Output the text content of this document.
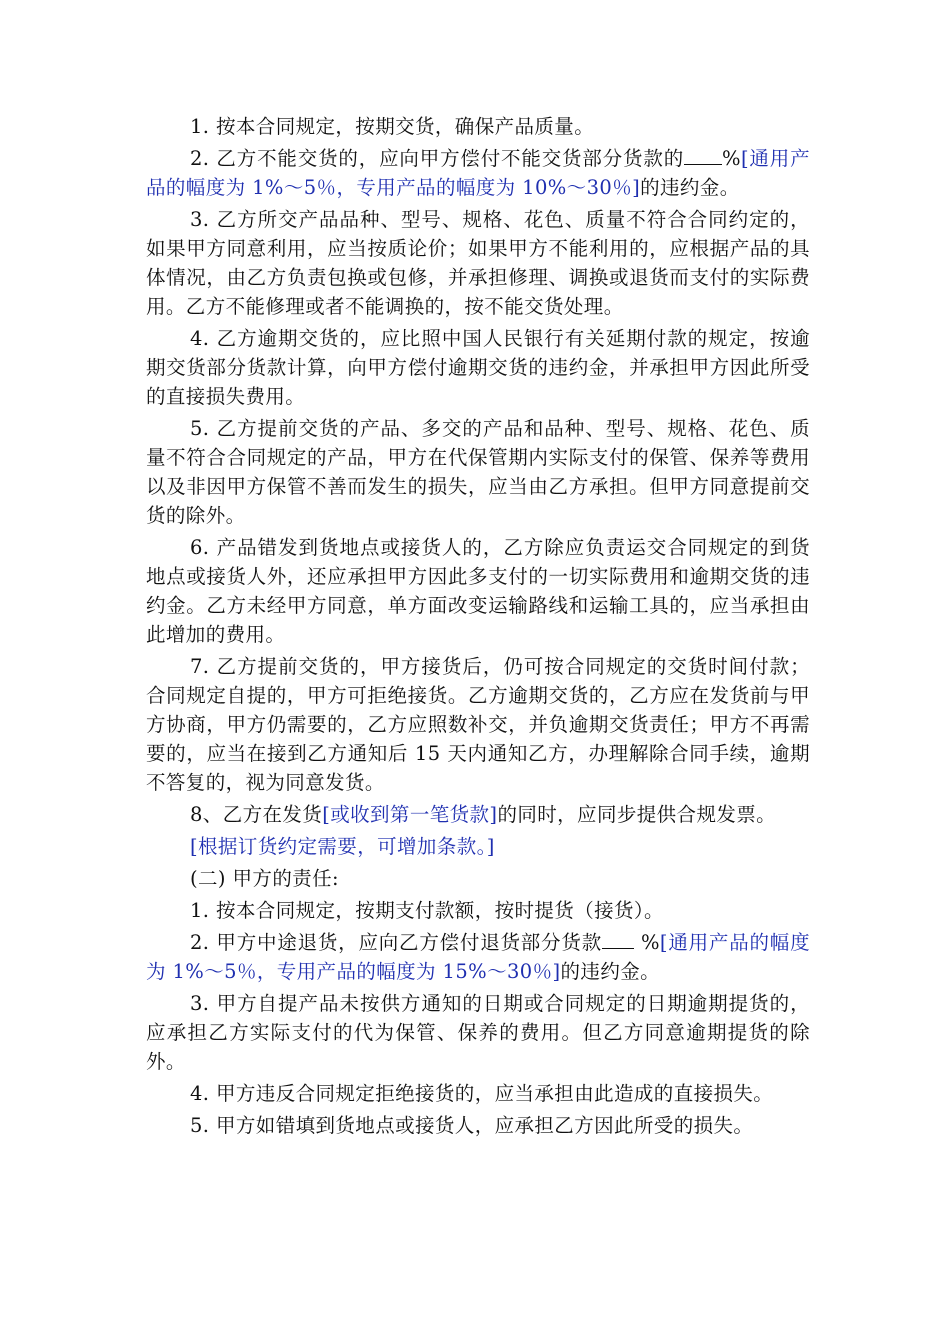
1. 按本合同规定，按期交货，确保产品质量。

2. 乙方不能交货的，应向甲方偿付不能交货部分货款的 %[通用产品的幅度为 1%～5％，专用产品的幅度为 10%～30％]的违约金。

3. 乙方所交产品品种、型号、规格、花色、质量不符合合同约定的，如果甲方同意利用，应当按质论价；如果甲方不能利用的，应根据产品的具体情况，由乙方负责包换或包修，并承担修理、调换或退货而支付的实际费用。乙方不能修理或者不能调换的，按不能交货处理。

4. 乙方逾期交货的，应比照中国人民银行有关延期付款的规定，按逾期交货部分货款计算，向甲方偿付逾期交货的违约金，并承担甲方因此所受的直接损失费用。

5. 乙方提前交货的产品、多交的产品和品种、型号、规格、花色、质量不符合合同规定的产品，甲方在代保管期内实际支付的保管、保养等费用以及非因甲方保管不善而发生的损失，应当由乙方承担。但甲方同意提前交货的除外。

6. 产品错发到货地点或接货人的，乙方除应负责运交合同规定的到货地点或接货人外，还应承担甲方因此多支付的一切实际费用和逾期交货的违约金。乙方未经甲方同意，单方面改变运输路线和运输工具的，应当承担由此增加的费用。

7. 乙方提前交货的，甲方接货后，仍可按合同规定的交货时间付款；合同规定自提的，甲方可拒绝接货。乙方逾期交货的，乙方应在发货前与甲方协商，甲方仍需要的，乙方应照数补交，并负逾期交货责任；甲方不再需要的，应当在接到乙方通知后 15 天内通知乙方，办理解除合同手续，逾期不答复的，视为同意发货。

8、乙方在发货[或收到第一笔货款]的同时，应同步提供合规发票。

[根据订货约定需要，可增加条款。]

(二) 甲方的责任:

1. 按本合同规定，按期支付款额，按时提货（接货）。

2. 甲方中途退货，应向乙方偿付退货部分货款 %[通用产品的幅度为 1%～5％，专用产品的幅度为 15%～30％]的违约金。

3. 甲方自提产品未按供方通知的日期或合同规定的日期逾期提货的，应承担乙方实际支付的代为保管、保养的费用。但乙方同意逾期提货的除外。

4. 甲方违反合同规定拒绝接货的，应当承担由此造成的直接损失。

5. 甲方如错填到货地点或接货人，应承担乙方因此所受的损失。
